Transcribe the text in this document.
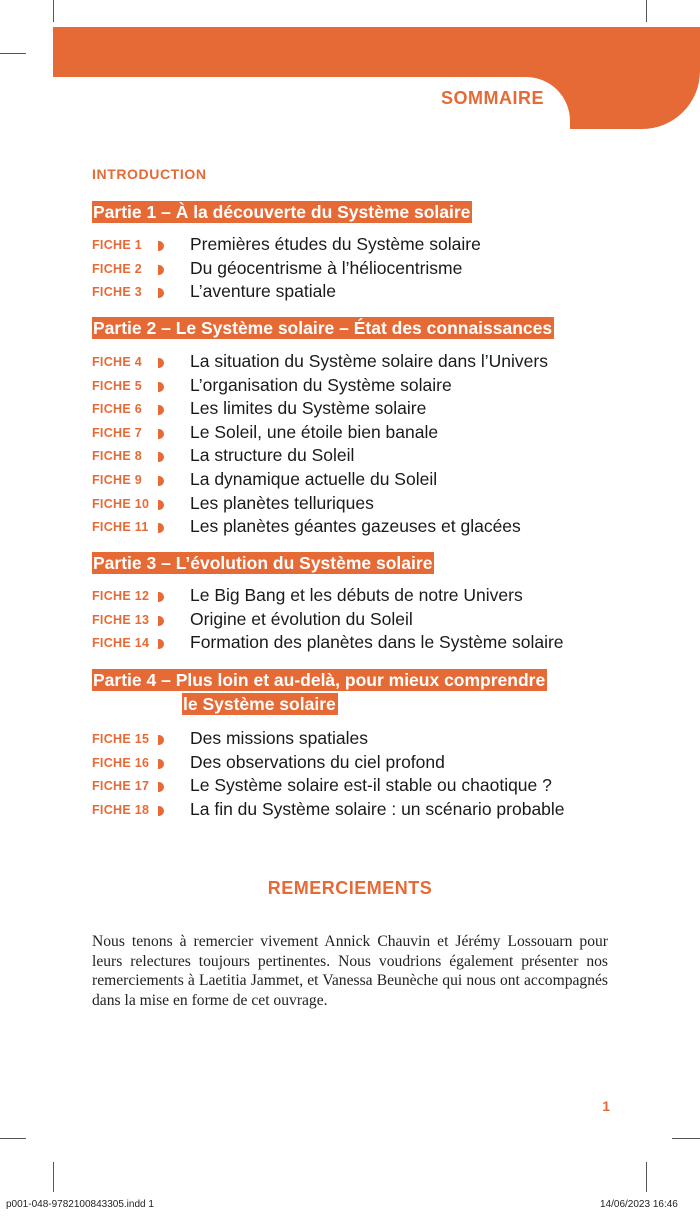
SOMMAIRE
INTRODUCTION
Partie 1 – À la découverte du Système solaire
FICHE 1	Premières études du Système solaire
FICHE 2	Du géocentrisme à l’héliocentrisme
FICHE 3	L’aventure spatiale
Partie 2 – Le Système solaire – État des connaissances
FICHE 4	La situation du Système solaire dans l’Univers
FICHE 5	L’organisation du Système solaire
FICHE 6	Les limites du Système solaire
FICHE 7	Le Soleil, une étoile bien banale
FICHE 8	La structure du Soleil
FICHE 9	La dynamique actuelle du Soleil
FICHE 10 Les planètes telluriques
FICHE 11	Les planètes géantes gazeuses et glacées
Partie 3 – L’évolution du Système solaire
FICHE 12 Le Big Bang et les débuts de notre Univers
FICHE 13 Origine et évolution du Soleil
FICHE 14 Formation des planètes dans le Système solaire
Partie 4 – Plus loin et au-delà, pour mieux comprendre
le Système solaire
FICHE 15 Des missions spatiales
FICHE 16 Des observations du ciel profond
FICHE 17 Le Système solaire est-il stable ou chaotique ?
FICHE 18 La fin du Système solaire : un scénario probable
REMERCIEMENTS

Nous tenons à remercier vivement Annick Chauvin et Jérémy Lossouarn pour leurs relectures toujours pertinentes. Nous voudrions également présenter nos remerciements à Laetitia Jammet, et Vanessa Beunèche qui nous ont accompagnés dans la mise en forme de cet ouvrage.

1
p001-048-9782100843305.indd 1	14/06/2023 16:46
